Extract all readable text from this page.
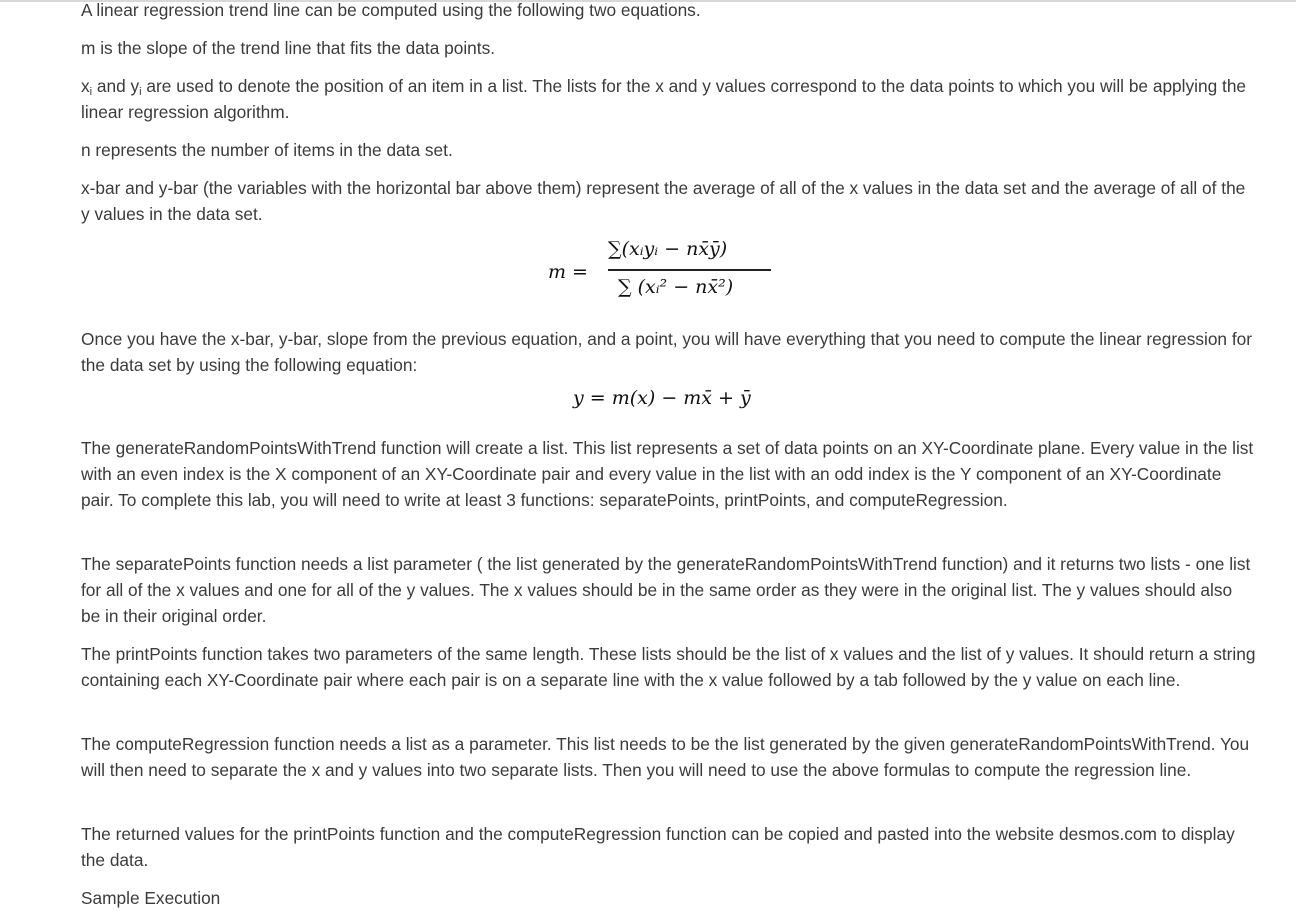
A linear regression trend line can be computed using the following two equations.

m is the slope of the trend line that fits the data points.

$x_i$ and $y_i$ are used to denote the position of an item in a list. The lists for the x and y values correspond to the data points to which you will be applying the linear regression algorithm.

n represents the number of items in the data set.

x-bar and y-bar (the variables with the horizontal bar above them) represent the average of all of the x values in the data set and the average of all of the y values in the data set.

Once you have the x-bar, y-bar, slope from the previous equation, and a point, you will have everything that you need to compute the linear regression for the data set by using the following equation:

The generateRandomPointsWithTrend function will create a list. This list represents a set of data points on an XY-Coordinate plane. Every value in the list with an even index is the X component of an XY-Coordinate pair and every value in the list with an odd index is the Y component of an XY-Coordinate pair. To complete this lab, you will need to write at least 3 functions: separatePoints, printPoints, and computeRegression.

The separatePoints function needs a list parameter ( the list generated by the generateRandomPointsWithTrend function) and it returns two lists - one list for all of the x values and one for all of the y values. The x values should be in the same order as they were in the original list. The y values should also be in their original order.

The printPoints function takes two parameters of the same length. These lists should be the list of x values and the list of y values. It should return a string containing each XY-Coordinate pair where each pair is on a separate line with the x value followed by a tab followed by the y value on each line.

The computeRegression function needs a list as a parameter. This list needs to be the list generated by the given generateRandomPointsWithTrend. You will then need to separate the x and y values into two separate lists. Then you will need to use the above formulas to compute the regression line.

The returned values for the printPoints function and the computeRegression function can be copied and pasted into the website desmos.com to display the data.

Sample Execution

m =
∑(xᵢyᵢ − nx̄ȳ)
∑ (xᵢ² − nx̄²)
y = m(x) − mx̄ + ȳ
